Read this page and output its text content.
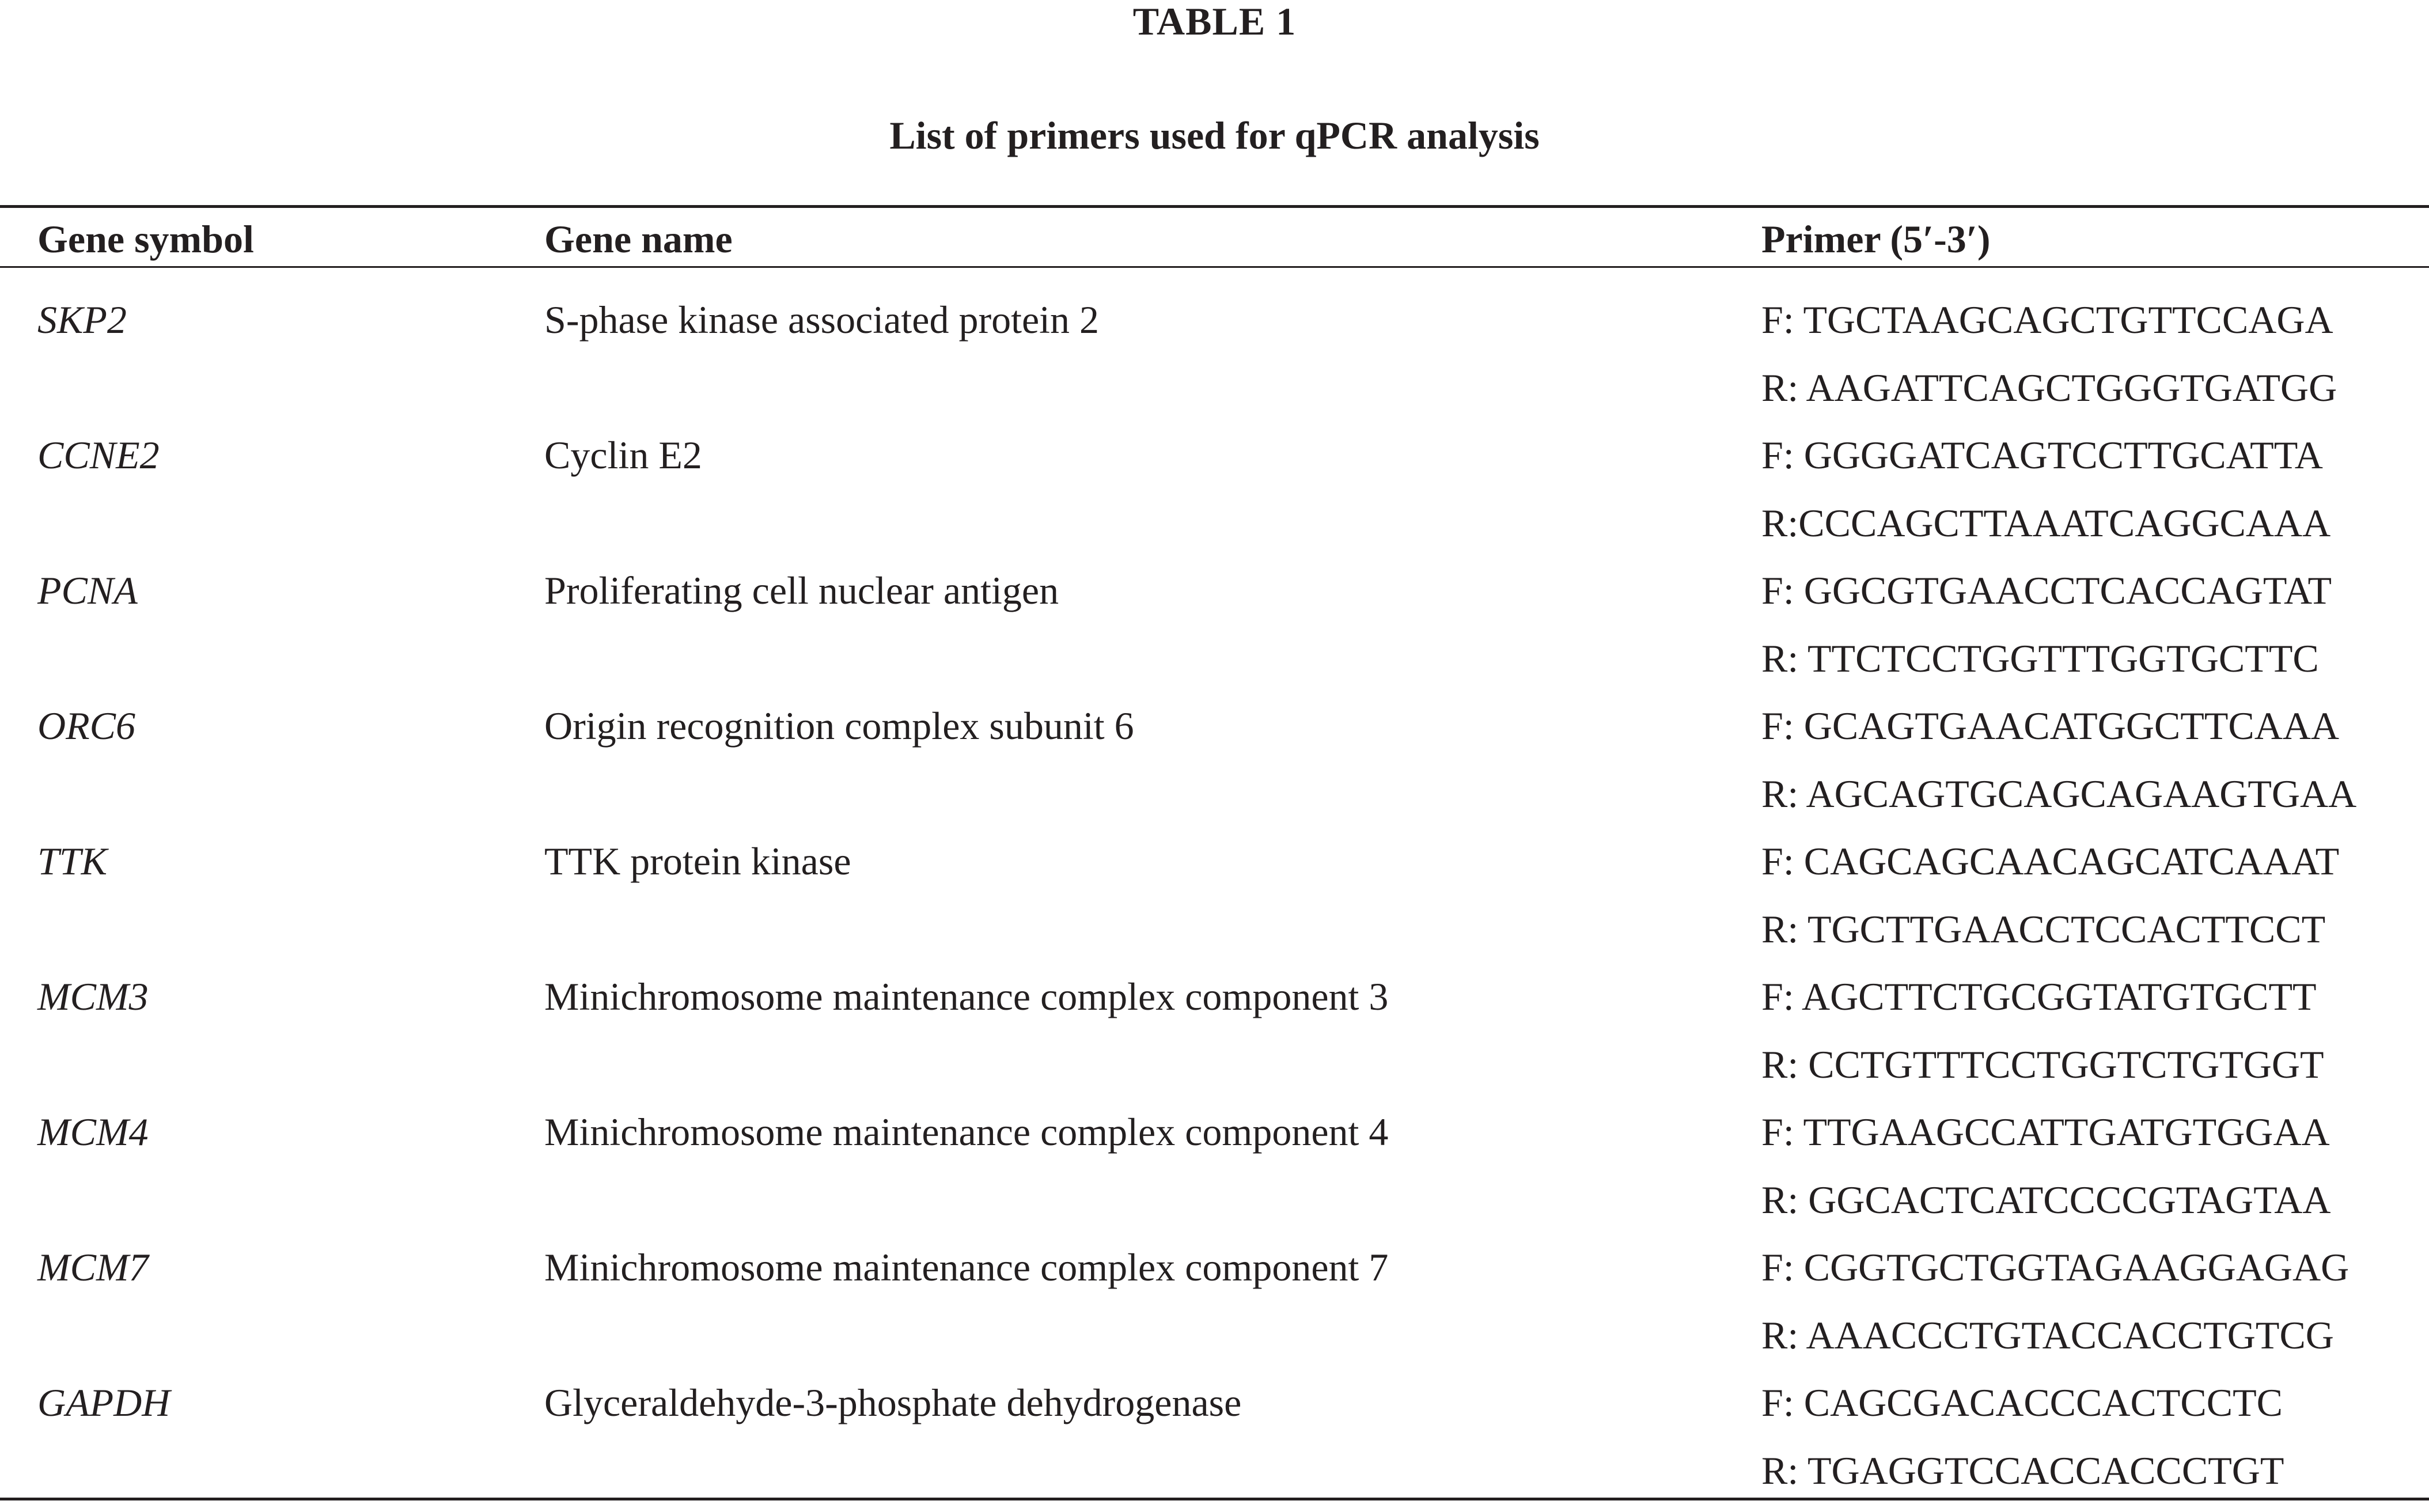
TABLE 1
List of primers used for qPCR analysis
Gene symbol	Gene name	Primer (5′-3′)
SKP2	S-phase kinase associated protein 2	F: TGCTAAGCAGCTGTTCCAGA
R: AAGATTCAGCTGGGTGATGG
CCNE2	Cyclin E2	F: GGGGATCAGTCCTTGCATTA
R:CCCAGCTTAAATCAGGCAAA
PCNA	Proliferating cell nuclear antigen	F: GGCGTGAACCTCACCAGTAT
R: TTCTCCTGGTTTGGTGCTTC
ORC6	Origin recognition complex subunit 6	F: GCAGTGAACATGGCTTCAAA
R: AGCAGTGCAGCAGAAGTGAA
TTK	TTK protein kinase	F: CAGCAGCAACAGCATCAAAT
R: TGCTTGAACCTCCACTTCCT
MCM3	Minichromosome maintenance complex component 3	F: AGCTTCTGCGGTATGTGCTT
R: CCTGTTTCCTGGTCTGTGGT
MCM4	Minichromosome maintenance complex component 4	F: TTGAAGCCATTGATGTGGAA
R: GGCACTCATCCCCGTAGTAA
MCM7	Minichromosome maintenance complex component 7	F: CGGTGCTGGTAGAAGGAGAG
R: AAACCCTGTACCACCTGTCG
GAPDH	Glyceraldehyde-3-phosphate dehydrogenase	F: CAGCGACACCCACTCCTC
R: TGAGGTCCACCACCCTGT
